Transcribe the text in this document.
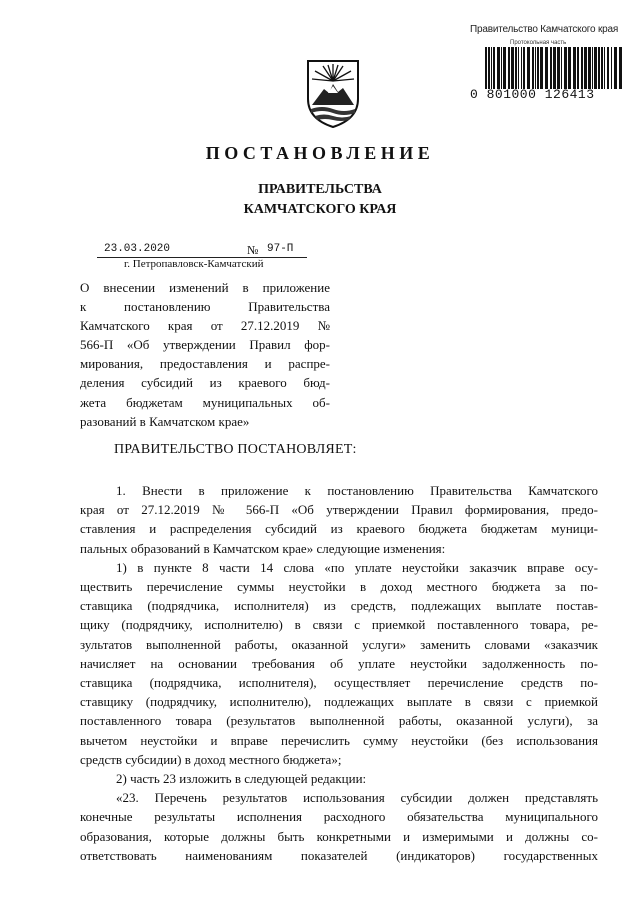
Правительство Камчатского края
Протокольная часть
0 801000 126413
ПОСТАНОВЛЕНИЕ
ПРАВИТЕЛЬСТВА
КАМЧАТСКОГО КРАЯ
23.03.2020	№ 97-П
г. Петропавловск-Камчатский
О внесении изменений в приложение
к постановлению Правительства
Камчатского края от 27.12.2019 №
566-П «Об утверждении Правил фор-
мирования, предоставления и распре-
деления субсидий из краевого бюд-
жета бюджетам муниципальных об-
разований в Камчатском крае»
ПРАВИТЕЛЬСТВО ПОСТАНОВЛЯЕТ:
1. Внести в приложение к постановлению Правительства Камчатского
края от 27.12.2019 № 566-П «Об утверждении Правил формирования, предо-
ставления и распределения субсидий из краевого бюджета бюджетам муници-
пальных образований в Камчатском крае» следующие изменения:
1) в пункте 8 части 14 слова «по уплате неустойки заказчик вправе осу-
ществить перечисление суммы неустойки в доход местного бюджета за по-
ставщика (подрядчика, исполнителя) из средств, подлежащих выплате постав-
щику (подрядчику, исполнителю) в связи с приемкой поставленного товара, ре-
зультатов выполненной работы, оказанной услуги» заменить словами «заказчик
начисляет на основании требования об уплате неустойки задолженность по-
ставщика (подрядчика, исполнителя), осуществляет перечисление средств по-
ставщику (подрядчику, исполнителю), подлежащих выплате в связи с приемкой
поставленного товара (результатов выполненной работы, оказанной услуги), за
вычетом неустойки и вправе перечислить сумму неустойки (без использования
средств субсидии) в доход местного бюджета»;
2) часть 23 изложить в следующей редакции:
«23. Перечень результатов использования субсидии должен представлять
конечные результаты исполнения расходного обязательства муниципального
образования, которые должны быть конкретными и измеримыми и должны со-
ответствовать наименованиям показателей (индикаторов) государственных
